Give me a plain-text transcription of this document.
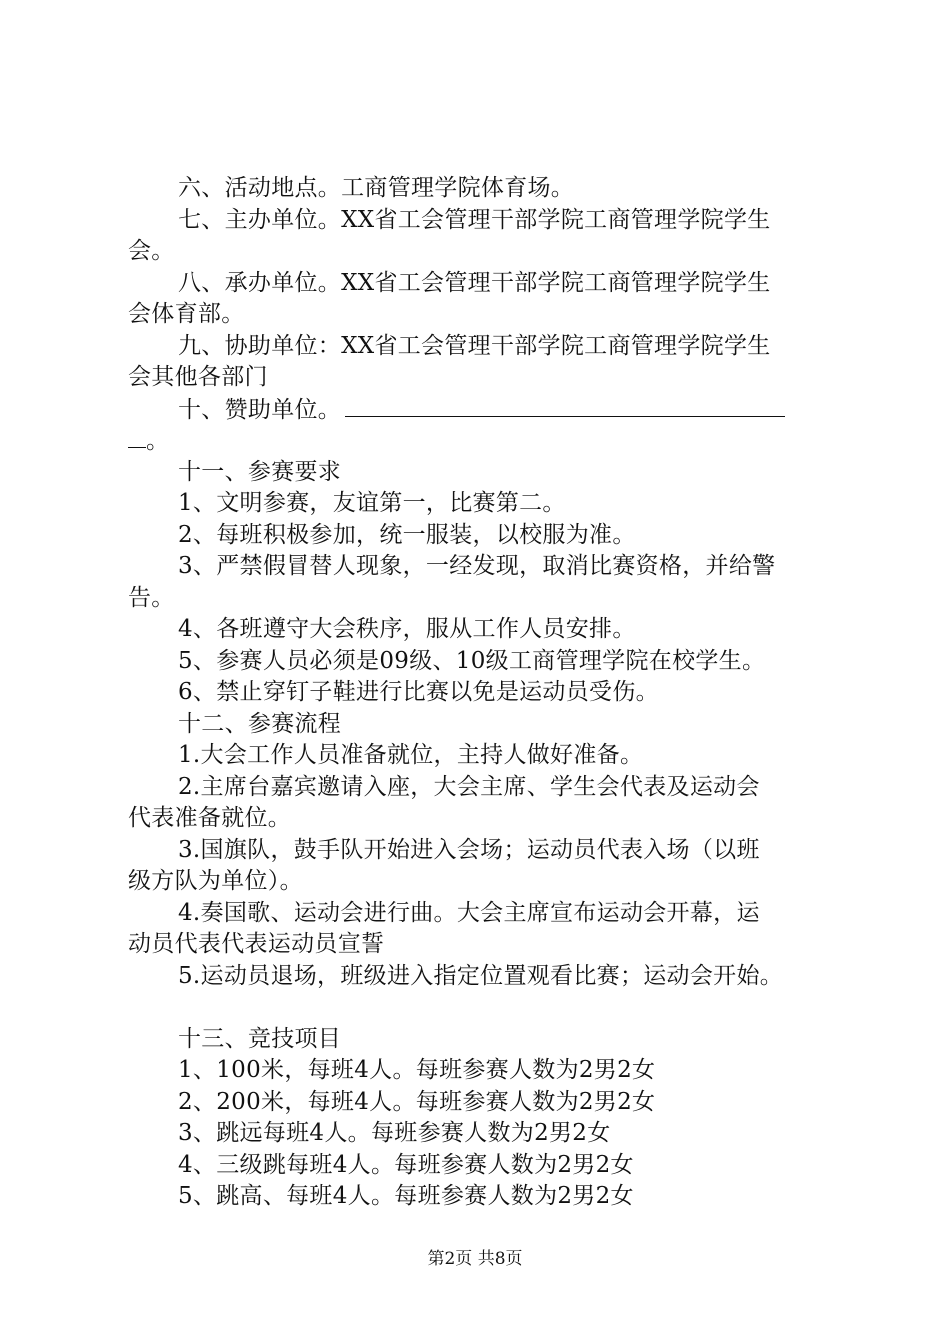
六、活动地点。工商管理学院体育场。
七、主办单位。XX省工会管理干部学院工商管理学院学生
会。
八、承办单位。XX省工会管理干部学院工商管理学院学生
会体育部。
九、协助单位：XX省工会管理干部学院工商管理学院学生
会其他各部门
十、赞助单位。
。
十一、参赛要求
1、文明参赛，友谊第一，比赛第二。
2、每班积极参加，统一服装，以校服为准。
3、严禁假冒替人现象，一经发现，取消比赛资格，并给警
告。
4、各班遵守大会秩序，服从工作人员安排。
5、参赛人员必须是09级、10级工商管理学院在校学生。
6、禁止穿钉子鞋进行比赛以免是运动员受伤。
十二、参赛流程
1.大会工作人员准备就位，主持人做好准备。
2.主席台嘉宾邀请入座，大会主席、学生会代表及运动会
代表准备就位。
3.国旗队，鼓手队开始进入会场；运动员代表入场（以班
级方队为单位）。
4.奏国歌、运动会进行曲。大会主席宣布运动会开幕，运
动员代表代表运动员宣誓
5.运动员退场，班级进入指定位置观看比赛；运动会开始。
十三、竞技项目
1、100米，每班4人。每班参赛人数为2男2女
2、200米，每班4人。每班参赛人数为2男2女
3、跳远每班4人。每班参赛人数为2男2女
4、三级跳每班4人。每班参赛人数为2男2女
5、跳高、每班4人。每班参赛人数为2男2女
第2页 共8页
